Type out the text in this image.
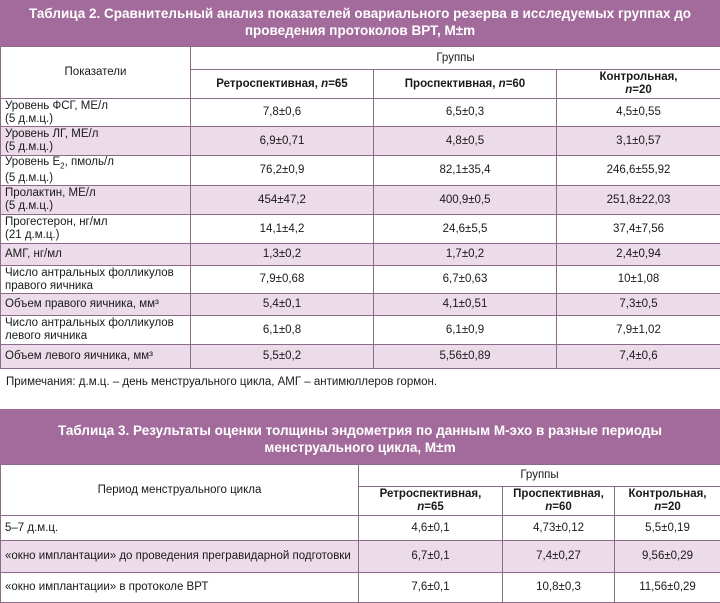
Таблица 2. Сравнительный анализ показателей овариального резерва в исследуемых группах до
проведения протоколов ВРТ, M±m
Показатели	Группы		
	Ретроспективная, n=65	Проспективная, n=60	Контрольная,
n=20
Уровень ФСГ, МЕ/л
(5 д.м.ц.)	7,8±0,6	6,5±0,3	4,5±0,55
Уровень ЛГ, МЕ/л
(5 д.м.ц.)	6,9±0,71	4,8±0,5	3,1±0,57
Уровень $Е_2$, пмоль/л
(5 д.м.ц.)	76,2±0,9	82,1±35,4	246,6±55,92
Пролактин, МЕ/л
(5 д.м.ц.)	454±47,2	400,9±0,5	251,8±22,03
Прогестерон, нг/мл
(21 д.м.ц.)	14,1±4,2	24,6±5,5	37,4±7,56
АМГ, нг/мл	1,3±0,2	1,7±0,2	2,4±0,94
Число антральных фолликулов
правого яичника	7,9±0,68	6,7±0,63	10±1,08
Объем правого яичника, мм³	5,4±0,1	4,1±0,51	7,3±0,5
Число антральных фолликулов
левого яичника	6,1±0,8	6,1±0,9	7,9±1,02
Объем левого яичника, мм³	5,5±0,2	5,56±0,89	7,4±0,6
Примечания: д.м.ц. – день менструального цикла, АМГ – антимюллеров гормон.
Таблица 3. Результаты оценки толщины эндометрия по данным М-эхо в разные периоды
менструального цикла, M±m
Период менструального цикла	Группы		
	Ретроспективная,
n=65	Проспективная,
n=60	Контрольная,
n=20
5–7 д.м.ц.	4,6±0,1	4,73±0,12	5,5±0,19
«окно имплантации» до проведения прегравидарной подготовки	6,7±0,1	7,4±0,27	9,56±0,29
«окно имплантации» в протоколе ВРТ	7,6±0,1	10,8±0,3	11,56±0,29
